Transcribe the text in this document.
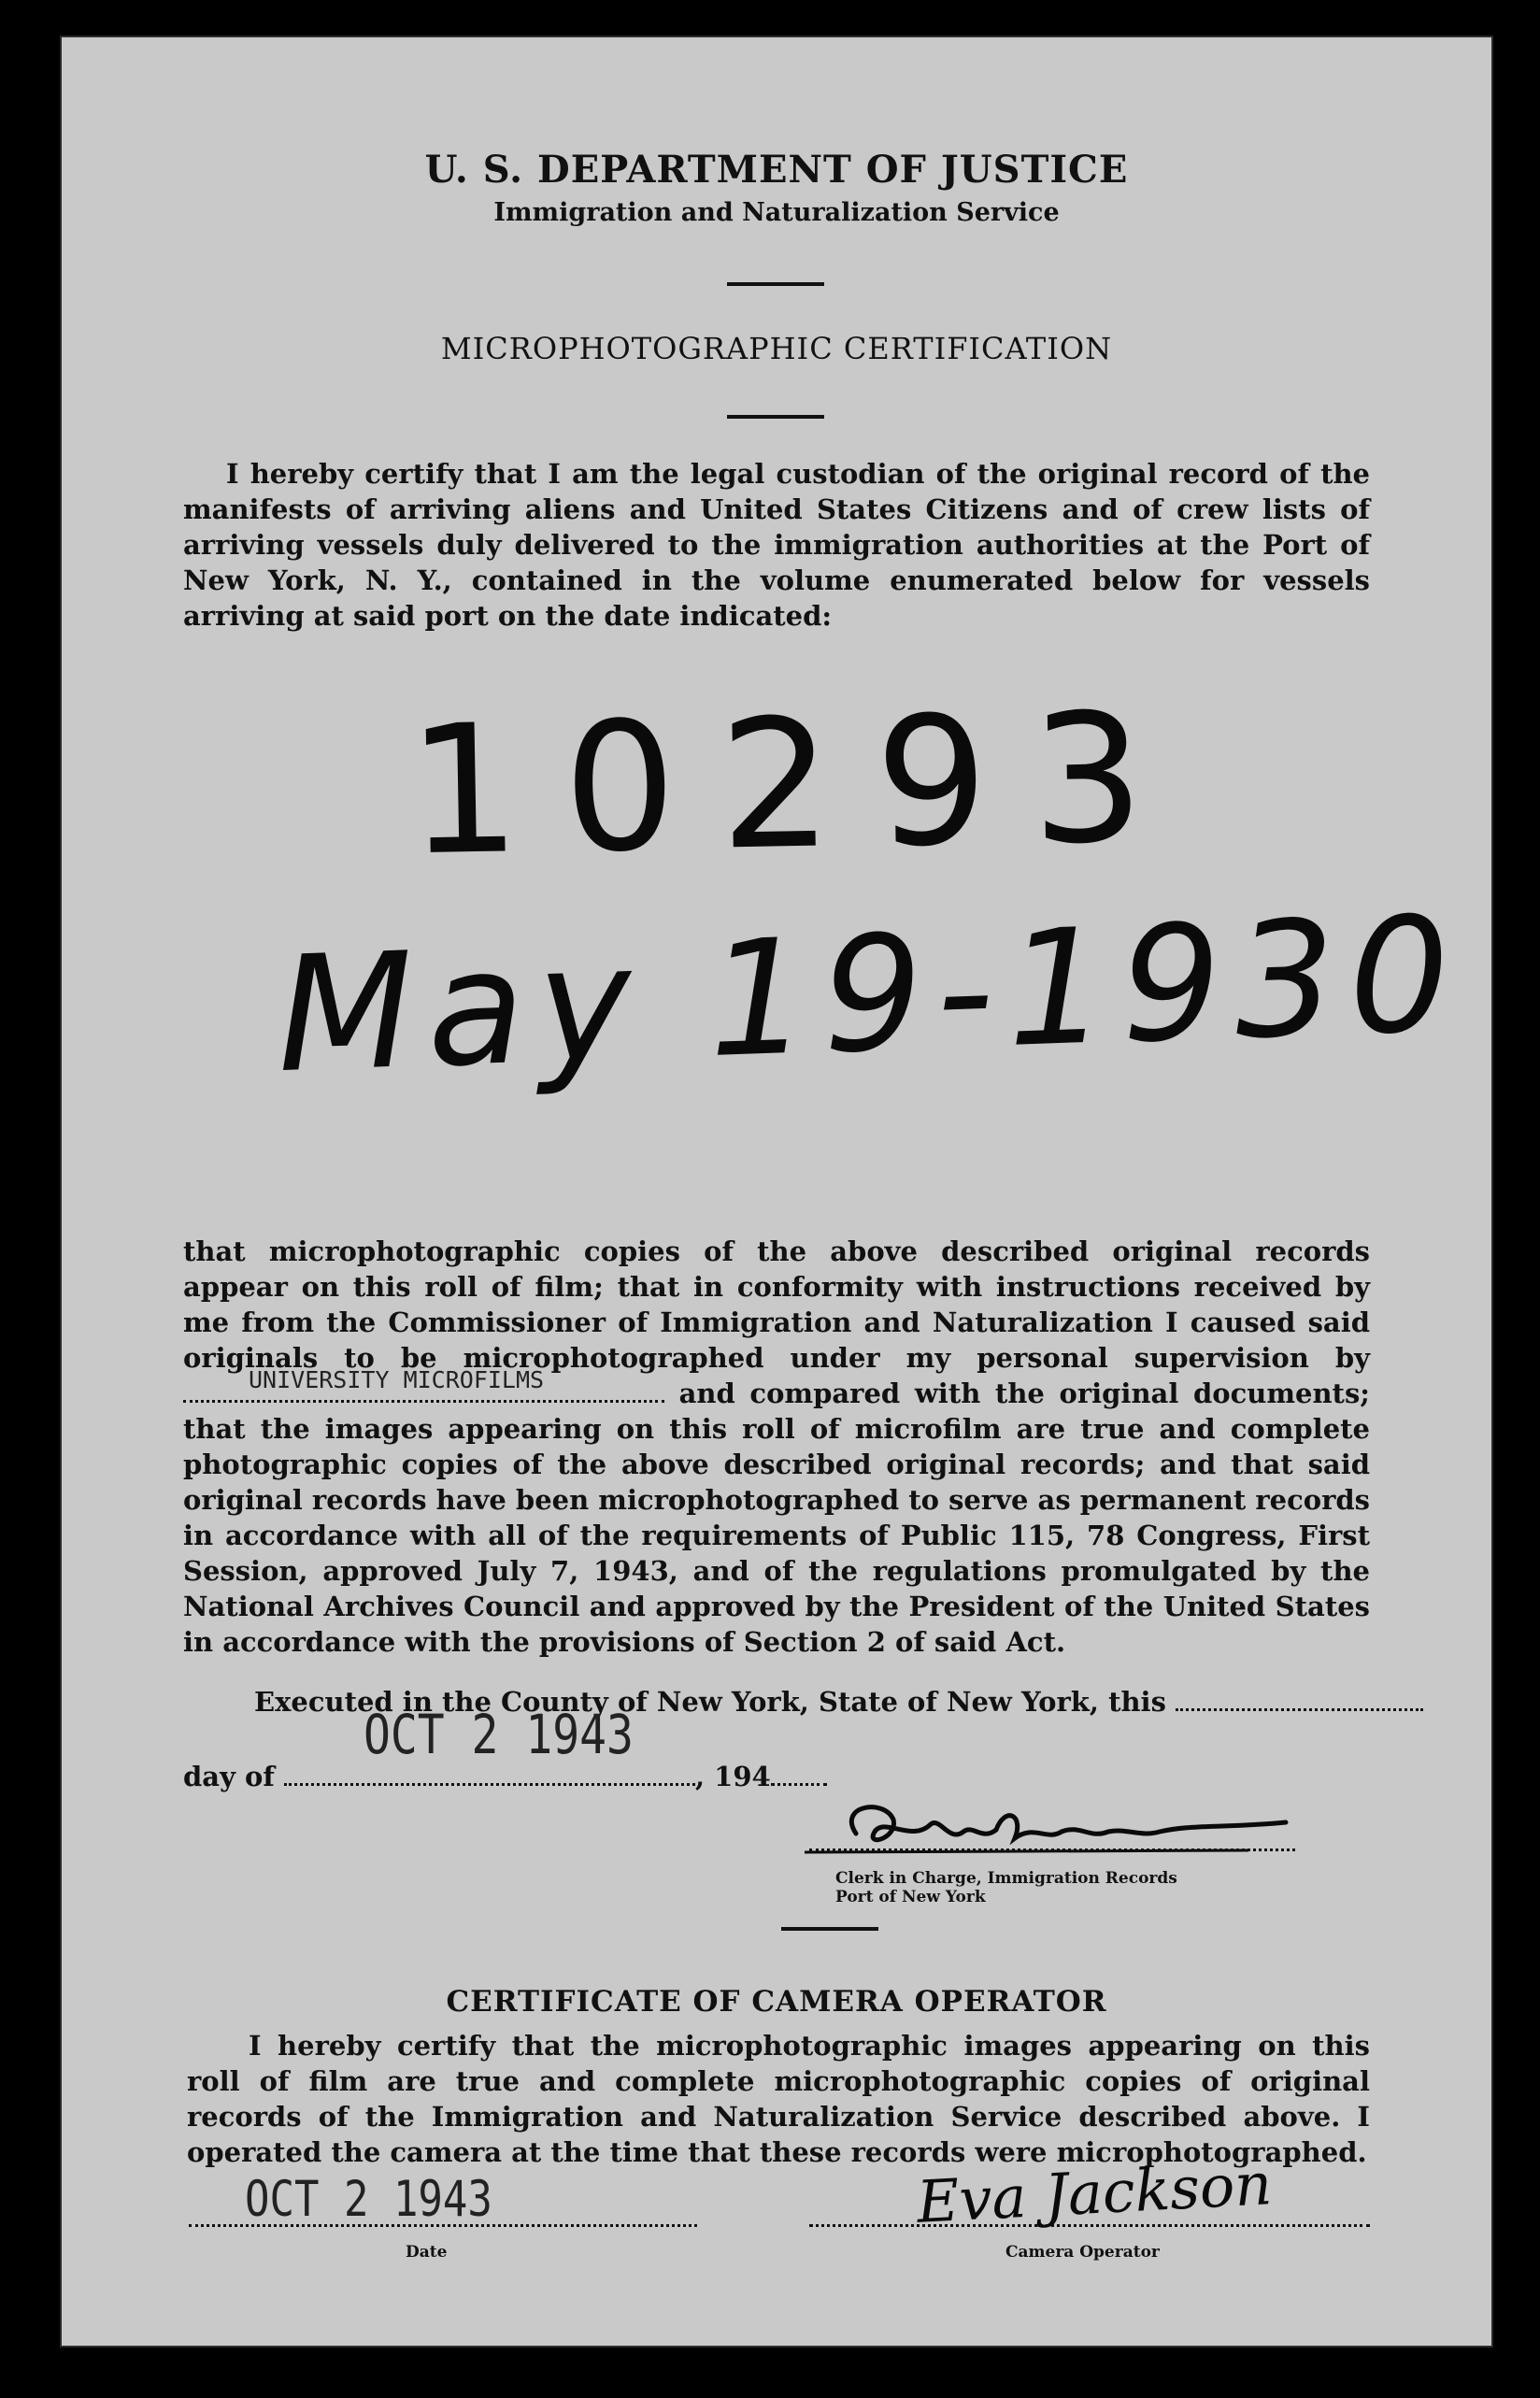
U. S. DEPARTMENT OF JUSTICE
Immigration and Naturalization Service
MICROPHOTOGRAPHIC CERTIFICATION
I hereby certify that I am the legal custodian of the original record of the manifests of arriving aliens and United States Citizens and of crew lists of arriving vessels duly delivered to the immigration authorities at the Port of New York, N. Y., contained in the volume enumerated below for vessels arriving at said port on the date indicated:
10293
May 19-1930
that microphotographic copies of the above described original records appear on this roll of film; that in conformity with instructions received by me from the Commissioner of Immigration and Naturalization I caused said originals to be microphotographed under my personal supervision by
UNIVERSITY MICROFILMS	and compared with the original documents; that the images appearing on this roll of microfilm are true and complete photographic copies of the above described original records; and that said original records have been microphotographed to serve as permanent records in accordance with all of the requirements of Public 115, 78 Congress, First Session, approved July 7, 1943, and of the regulations promulgated by the National Archives Council and approved by the President of the United States in accordance with the provisions of Section 2 of said Act.
Executed in the County of New York, State of New York, this
day of
OCT 2 1943
, 194
Clerk in Charge, Immigration Records
Port of New York
CERTIFICATE OF CAMERA OPERATOR
I hereby certify that the microphotographic images appearing on this roll of film are true and complete microphotographic copies of original records of the Immigration and Naturalization Service described above. I operated the camera at the time that these records were microphotographed.
OCT 2 1943
Date
Eva Jackson
Camera Operator
